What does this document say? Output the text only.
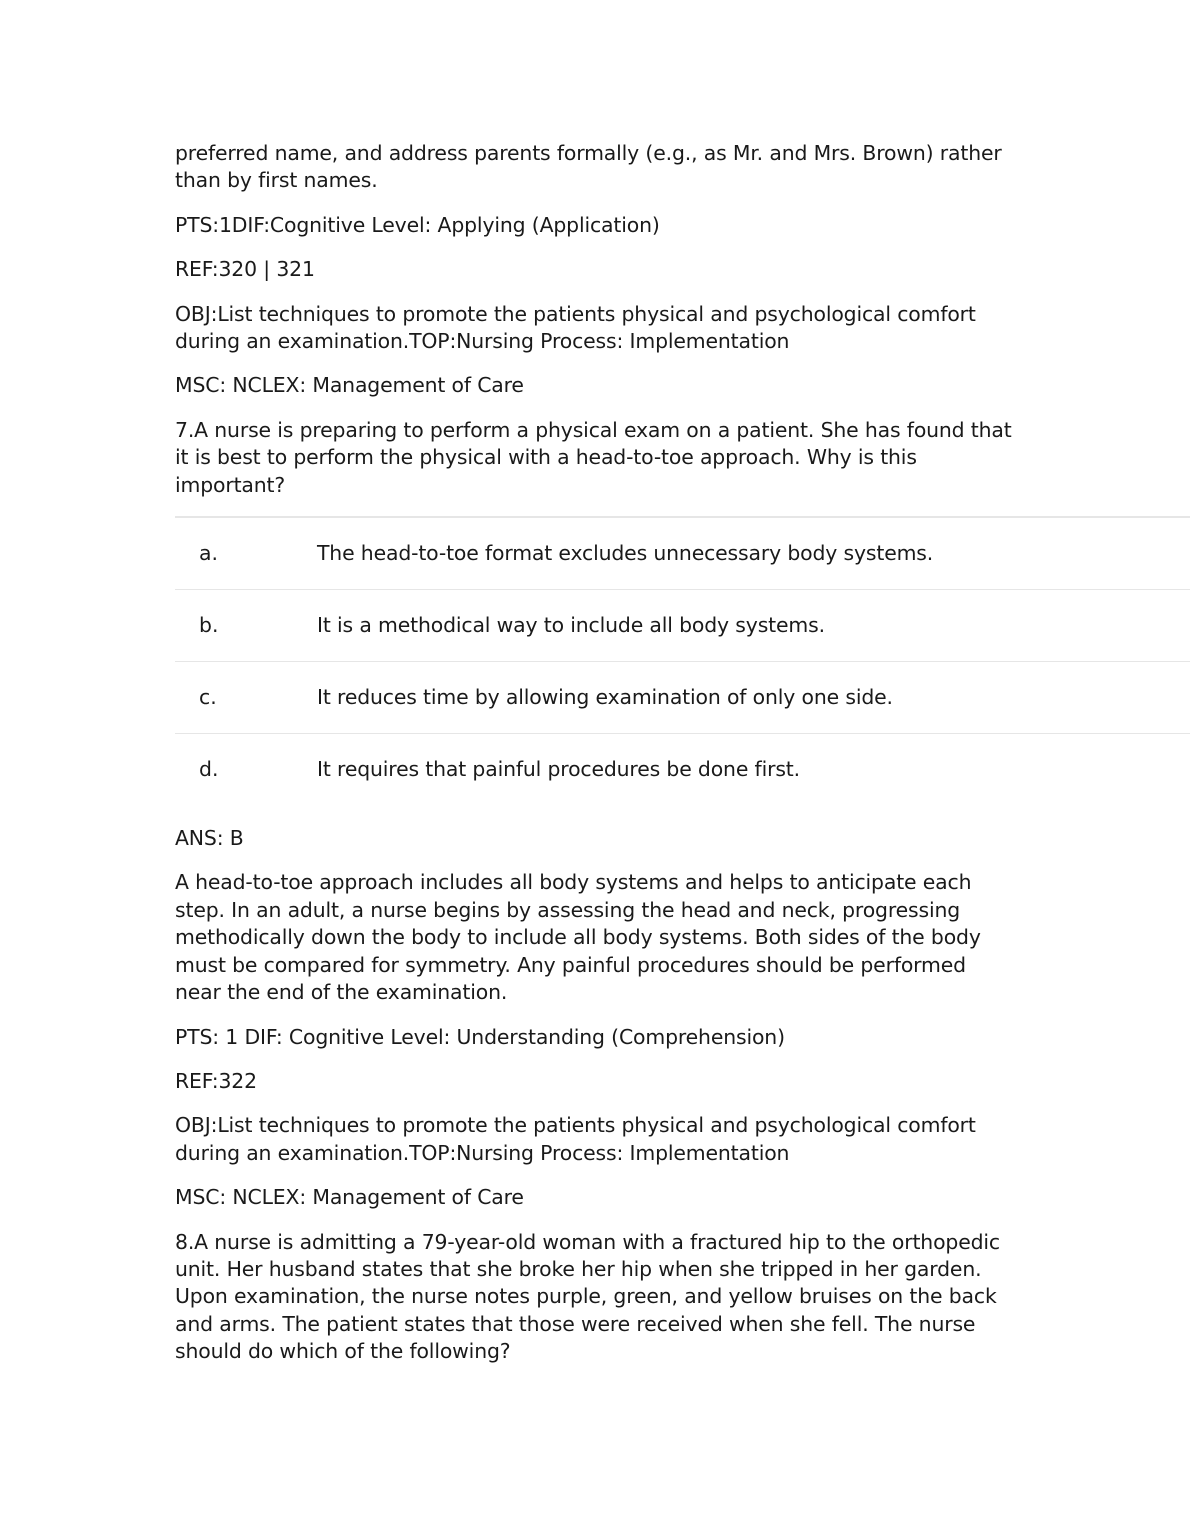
preferred name, and address parents formally (e.g., as Mr. and Mrs. Brown) rather than by first names.

PTS:1DIF:Cognitive Level: Applying (Application)

REF:320 | 321

OBJ:List techniques to promote the patients physical and psychological comfort during an examination.TOP:Nursing Process: Implementation

MSC: NCLEX: Management of Care

7.A nurse is preparing to perform a physical exam on a patient. She has found that it is best to perform the physical with a head-to-toe approach. Why is this important?

a.	The head-to-toe format excludes unnecessary body systems.
b.	It is a methodical way to include all body systems.
c.	It reduces time by allowing examination of only one side.
d.	It requires that painful procedures be done first.

ANS: B

A head-to-toe approach includes all body systems and helps to anticipate each step. In an adult, a nurse begins by assessing the head and neck, progressing methodically down the body to include all body systems. Both sides of the body must be compared for symmetry. Any painful procedures should be performed near the end of the examination.

PTS: 1 DIF: Cognitive Level: Understanding (Comprehension)

REF:322

OBJ:List techniques to promote the patients physical and psychological comfort during an examination.TOP:Nursing Process: Implementation

MSC: NCLEX: Management of Care

8.A nurse is admitting a 79-year-old woman with a fractured hip to the orthopedic unit. Her husband states that she broke her hip when she tripped in her garden. Upon examination, the nurse notes purple, green, and yellow bruises on the back and arms. The patient states that those were received when she fell. The nurse should do which of the following?
